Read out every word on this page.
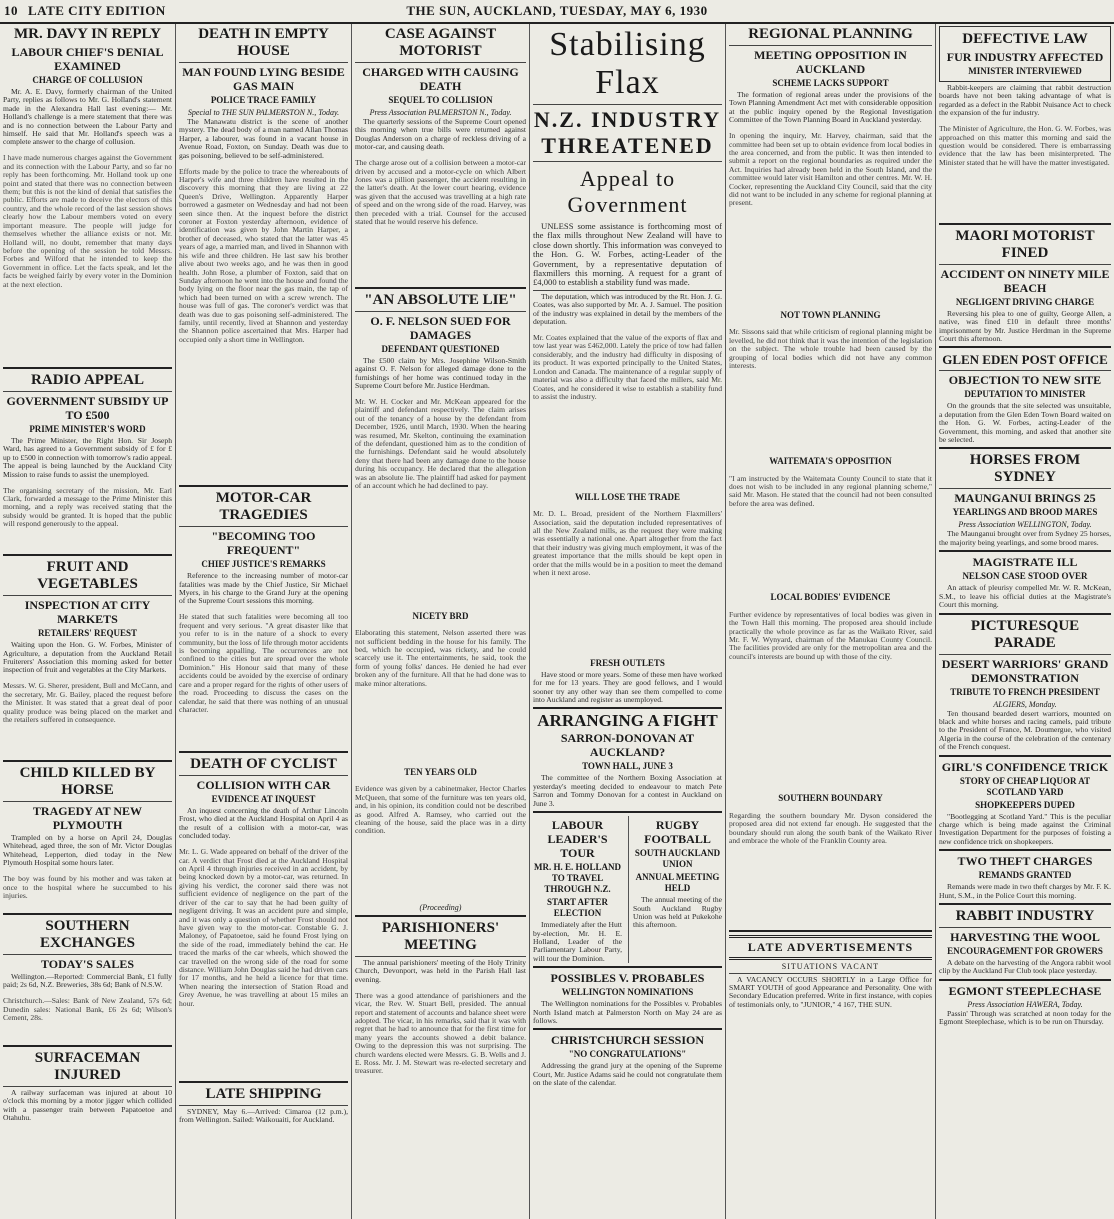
10 LATE CITY EDITION	THE SUN, AUCKLAND, TUESDAY, MAY 6, 1930
MR. DAVY IN REPLY
LABOUR CHIEF'S DENIAL EXAMINED
CHARGE OF COLLUSION

Mr. A. E. Davy, formerly chairman of the United Party, replies as follows to Mr. G. Holland's statement made in the Alexandra Hall last evening:— Mr. Holland's challenge is a mere statement that there was and is no connection between the Labour Party and himself. He said that Mr. Holland's speech was a complete answer to the charge of collusion.

I have made numerous charges against the Government and its connection with the Labour Party, and so far no reply has been forthcoming. Mr. Holland took up one point and stated that there was no connection between them; but this is not the kind of denial that satisfies the public. Efforts are made to deceive the electors of this country, and the whole record of the last session shows clearly how the Labour members voted on every important measure. The people will judge for themselves whether the alliance exists or not. Mr. Holland will, no doubt, remember that many days before the opening of the session he told Messrs. Forbes and Wilford that he intended to keep the Government in office. Let the facts speak, and let the facts be weighed fairly by every voter in the Dominion at the next election.

RADIO APPEAL
GOVERNMENT SUBSIDY UP TO £500
PRIME MINISTER'S WORD

The Prime Minister, the Right Hon. Sir Joseph Ward, has agreed to a Government subsidy of £ for £ up to £500 in connection with tomorrow's radio appeal. The appeal is being launched by the Auckland City Mission to raise funds to assist the unemployed.

The organising secretary of the mission, Mr. Earl Clark, forwarded a message to the Prime Minister this morning, and a reply was received stating that the subsidy would be granted. It is hoped that the public will respond generously to the appeal.

FRUIT AND VEGETABLES
INSPECTION AT CITY MARKETS
RETAILERS' REQUEST

Waiting upon the Hon. G. W. Forbes, Minister of Agriculture, a deputation from the Auckland Retail Fruiterers' Association this morning asked for better inspection of fruit and vegetables at the City Markets.

Messrs. W. G. Sherer, president, Bull and McCann, and the secretary, Mr. G. Bailey, placed the request before the Minister. It was stated that a great deal of poor quality produce was being placed on the market and the retailers suffered in consequence.

CHILD KILLED BY HORSE
TRAGEDY AT NEW PLYMOUTH

Trampled on by a horse on April 24, Douglas Whitehead, aged three, the son of Mr. Victor Douglas Whitehead, Lepperton, died today in the New Plymouth Hospital some hours later.

The boy was found by his mother and was taken at once to the hospital where he succumbed to his injuries.

SOUTHERN EXCHANGES
TODAY'S SALES

Wellington.—Reported: Commercial Bank, £1 fully paid; 2s 6d, N.Z. Breweries, 38s 6d; Bank of N.S.W.

Christchurch.—Sales: Bank of New Zealand, 57s 6d; Dunedin sales: National Bank, £6 2s 6d; Wilson's Cement, 28s.

SURFACEMAN INJURED

A railway surfaceman was injured at about 10 o'clock this morning by a motor jigger which collided with a passenger train between Papatoetoe and Otahuhu.

DEATH IN EMPTY HOUSE
MAN FOUND LYING BESIDE GAS MAIN
POLICE TRACE FAMILY
Special to THE SUN PALMERSTON N., Today.

The Manawatu district is the scene of another mystery. The dead body of a man named Allan Thomas Harper, a labourer, was found in a vacant house in Avenue Road, Foxton, on Sunday. Death was due to gas poisoning, believed to be self-administered.

Efforts made by the police to trace the whereabouts of Harper's wife and three children have resulted in the discovery this morning that they are living at 22 Queen's Drive, Wellington. Apparently Harper borrowed a gasmeter on Wednesday and had not been seen since then. At the inquest before the district coroner at Foxton yesterday afternoon, evidence of identification was given by John Martin Harper, a brother of deceased, who stated that the latter was 45 years of age, a married man, and lived in Shannon with his wife and three children. He last saw his brother alive about two weeks ago, and he was then in good health. John Rose, a plumber of Foxton, said that on Sunday afternoon he went into the house and found the body lying on the floor near the gas main, the tap of which had been turned on with a screw wrench. The house was full of gas. The coroner's verdict was that death was due to gas poisoning self-administered. The family, until recently, lived at Shannon and yesterday the Shannon police ascertained that Mrs. Harper had occupied only a short time in Wellington.

MOTOR-CAR TRAGEDIES
"BECOMING TOO FREQUENT"
CHIEF JUSTICE'S REMARKS

Reference to the increasing number of motor-car fatalities was made by the Chief Justice, Sir Michael Myers, in his charge to the Grand Jury at the opening of the Supreme Court sessions this morning.

He stated that such fatalities were becoming all too frequent and very serious. "A great disaster like that you refer to is in the nature of a shock to every community, but the loss of life through motor accidents is becoming appalling. The occurrences are not confined to the cities but are spread over the whole Dominion." His Honour said that many of these accidents could be avoided by the exercise of ordinary care and a proper regard for the rights of other users of the road. Proceeding to discuss the cases on the calendar, he said that there was nothing of an unusual character.

DEATH OF CYCLIST
COLLISION WITH CAR
EVIDENCE AT INQUEST

An inquest concerning the death of Arthur Lincoln Frost, who died at the Auckland Hospital on April 4 as the result of a collision with a motor-car, was concluded today.

Mr. L. G. Wade appeared on behalf of the driver of the car. A verdict that Frost died at the Auckland Hospital on April 4 through injuries received in an accident, by being knocked down by a motor-car, was returned. In giving his verdict, the coroner said there was not sufficient evidence of negligence on the part of the driver of the car to say that he had been guilty of negligent driving. It was an accident pure and simple, and it was only a question of whether Frost should not have given way to the motor-car. Constable G. J. Maloney, of Papatoetoe, said he found Frost lying on the side of the road, immediately behind the car. He traced the marks of the car wheels, which showed the car travelled on the wrong side of the road for some distance. William John Douglas said he had driven cars for 17 months, and he held a licence for that time. When nearing the intersection of Station Road and Grey Avenue, he was travelling at about 15 miles an hour.

LATE SHIPPING

SYDNEY, May 6.—Arrived: Cimaroa (12 p.m.), from Wellington. Sailed: Waikouaiti, for Auckland.

CASE AGAINST MOTORIST
CHARGED WITH CAUSING DEATH
SEQUEL TO COLLISION
Press Association PALMERSTON N., Today.

The quarterly sessions of the Supreme Court opened this morning when true bills were returned against Douglas Anderson on a charge of reckless driving of a motor-car, and causing death.

The charge arose out of a collision between a motor-car driven by accused and a motor-cycle on which Albert Jones was a pillion passenger, the accident resulting in the latter's death. At the lower court hearing, evidence was given that the accused was travelling at a high rate of speed and on the wrong side of the road. Harvey, was then preceded with a trial. Counsel for the accused stated that he would reserve his defence.

"AN ABSOLUTE LIE"
O. F. NELSON SUED FOR DAMAGES
DEFENDANT QUESTIONED

The £500 claim by Mrs. Josephine Wilson-Smith against O. F. Nelson for alleged damage done to the furnishings of her home was continued today in the Supreme Court before Mr. Justice Herdman.

Mr. W. H. Cocker and Mr. McKean appeared for the plaintiff and defendant respectively. The claim arises out of the tenancy of a house by the defendant from December, 1926, until March, 1930. When the hearing was resumed, Mr. Skelton, continuing the examination of the defendant, questioned him as to the condition of the furnishings. Defendant said he would absolutely deny that there had been any damage done to the house during his occupancy. He declared that the allegation was an absolute lie. The plaintiff had asked for payment of an account which he had declined to pay.

NICETY BRD

Elaborating this statement, Nelson asserted there was not sufficient bedding in the house for his family. The bed, which he occupied, was rickety, and he could scarcely use it. The entertainments, he said, took the form of young folks' dances. He denied he had ever broken any of the furniture. All that he had done was to make minor alterations.

TEN YEARS OLD

Evidence was given by a cabinetmaker, Hector Charles McQueen, that some of the furniture was ten years old, and, in his opinion, its condition could not be described as good. Alfred A. Ramsey, who carried out the cleaning of the house, said the place was in a dirty condition.

(Proceeding)
PARISHIONERS' MEETING

The annual parishioners' meeting of the Holy Trinity Church, Devonport, was held in the Parish Hall last evening.

There was a good attendance of parishioners and the vicar, the Rev. W. Stuart Bell, presided. The annual report and statement of accounts and balance sheet were adopted. The vicar, in his remarks, said that it was with regret that he had to announce that for the first time for many years the accounts showed a debit balance. Owing to the depression this was not surprising. The church wardens elected were Messrs. G. B. Wells and J. E. Ross. Mr. J. M. Stewart was re-elected secretary and treasurer.

Stabilising Flax
N.Z. INDUSTRY THREATENED
Appeal to Government

UNLESS some assistance is forthcoming most of the flax mills throughout New Zealand will have to close down shortly. This information was conveyed to the Hon. G. W. Forbes, acting-Leader of the Government, by a representative deputation of flaxmillers this morning. A request for a grant of £4,000 to establish a stability fund was made.

The deputation, which was introduced by the Rt. Hon. J. G. Coates, was also supported by Mr. A. J. Samuel. The position of the industry was explained in detail by the members of the deputation.

Mr. Coates explained that the value of the exports of flax and tow last year was £462,000. Lately the price of tow had fallen considerably, and the industry had difficulty in disposing of its product. It was exported principally to the United States, London and Canada. The maintenance of a regular supply of material was also a difficulty that faced the millers, said Mr. Coates, and he considered it wise to establish a stability fund to assist the industry.

WILL LOSE THE TRADE

Mr. D. L. Broad, president of the Northern Flaxmillers' Association, said the deputation included representatives of all the New Zealand mills, as the request they were making was essentially a national one. Apart altogether from the fact that their industry was giving much employment, it was of the greatest importance that the mills should be kept open in order that the mills would be in a position to meet the demand when it next arose.

FRESH OUTLETS

Have stood or more years. Some of these men have worked for me for 13 years. They are good fellows, and I would sooner try any other way than see them compelled to come into Auckland and register as unemployed.

ARRANGING A FIGHT
SARRON-DONOVAN AT AUCKLAND?
TOWN HALL, JUNE 3

The committee of the Northern Boxing Association at yesterday's meeting decided to endeavour to match Pete Sarron and Tommy Donovan for a contest in Auckland on June 3.

LABOUR LEADER'S TOUR
MR. H. E. HOLLAND TO TRAVEL THROUGH N.Z.
START AFTER ELECTION

Immediately after the Hutt by-election, Mr. H. E. Holland, Leader of the Parliamentary Labour Party, will tour the Dominion.

RUGBY FOOTBALL
SOUTH AUCKLAND UNION
ANNUAL MEETING HELD

The annual meeting of the South Auckland Rugby Union was held at Pukekohe this afternoon.

POSSIBLES V. PROBABLES
WELLINGTON NOMINATIONS

The Wellington nominations for the Possibles v. Probables North Island match at Palmerston North on May 24 are as follows.

CHRISTCHURCH SESSION
"NO CONGRATULATIONS"

Addressing the grand jury at the opening of the Supreme Court, Mr. Justice Adams said he could not congratulate them on the slate of the calendar.

REGIONAL PLANNING
MEETING OPPOSITION IN AUCKLAND
SCHEME LACKS SUPPORT

The formation of regional areas under the provisions of the Town Planning Amendment Act met with considerable opposition at the public inquiry opened by the Regional Investigation Committee of the Town Planning Board in Auckland yesterday.

In opening the inquiry, Mr. Harvey, chairman, said that the committee had been set up to obtain evidence from local bodies in the area concerned, and from the public. It was then intended to submit a report on the regional boundaries as required under the Act. Inquiries had already been held in the South Island, and the committee would later visit Hamilton and other centres. Mr. W. H. Cocker, representing the Auckland City Council, said that the city did not want to be included in any scheme for regional planning at present.

NOT TOWN PLANNING

Mr. Sissons said that while criticism of regional planning might be levelled, he did not think that it was the intention of the legislation on the subject. The whole trouble had been caused by the grouping of local bodies which did not have any common interests.

WAITEMATA'S OPPOSITION

"I am instructed by the Waitemata County Council to state that it does not wish to be included in any regional planning scheme," said Mr. Mason. He stated that the council had not been consulted before the area was defined.

LOCAL BODIES' EVIDENCE

Further evidence by representatives of local bodies was given in the Town Hall this morning. The proposed area should include practically the whole province as far as the Waikato River, said Mr. F. W. Wynyard, chairman of the Manukau County Council. The facilities provided are only for the metropolitan area and the council's interests are bound up with those of the city.

SOUTHERN BOUNDARY

Regarding the southern boundary Mr. Dyson considered the proposed area did not extend far enough. He suggested that the boundary should run along the south bank of the Waikato River and embrace the whole of the Franklin County area.

LATE ADVERTISEMENTS
SITUATIONS VACANT

A VACANCY OCCURS SHORTLY in a Large Office for SMART YOUTH of good Appearance and Personality. One with Secondary Education preferred. Write in first instance, with copies of testimonials only, to "JUNIOR," 4 167, THE SUN.

DEFECTIVE LAW
FUR INDUSTRY AFFECTED
MINISTER INTERVIEWED

Rabbit-keepers are claiming that rabbit destruction boards have not been taking advantage of what is regarded as a defect in the Rabbit Nuisance Act to check the expansion of the fur industry.

The Minister of Agriculture, the Hon. G. W. Forbes, was approached on this matter this morning and said the question would be considered. There is embarrassing evidence that the law has been misinterpreted. The Minister stated that he will have the matter investigated.

MAORI MOTORIST FINED
ACCIDENT ON NINETY MILE BEACH
NEGLIGENT DRIVING CHARGE

Reversing his plea to one of guilty, George Allen, a native, was fined £10 in default three months' imprisonment by Mr. Justice Herdman in the Supreme Court this afternoon.

GLEN EDEN POST OFFICE
OBJECTION TO NEW SITE
DEPUTATION TO MINISTER

On the grounds that the site selected was unsuitable, a deputation from the Glen Eden Town Board waited on the Hon. G. W. Forbes, acting-Leader of the Government, this morning, and asked that another site be selected.

HORSES FROM SYDNEY
MAUNGANUI BRINGS 25
YEARLINGS AND BROOD MARES
Press Association WELLINGTON, Today.

The Maunganui brought over from Sydney 25 horses, the majority being yearlings, and some brood mares.

MAGISTRATE ILL
NELSON CASE STOOD OVER

An attack of pleurisy compelled Mr. W. R. McKean, S.M., to leave his official duties at the Magistrate's Court this morning.

PICTURESQUE PARADE
DESERT WARRIORS' GRAND DEMONSTRATION
TRIBUTE TO FRENCH PRESIDENT
ALGIERS, Monday.

Ten thousand bearded desert warriors, mounted on black and white horses and racing camels, paid tribute to the President of France, M. Doumergue, who visited Algeria in the course of the celebration of the centenary of the French conquest.

GIRL'S CONFIDENCE TRICK
STORY OF CHEAP LIQUOR AT SCOTLAND YARD
SHOPKEEPERS DUPED

"Bootlegging at Scotland Yard." This is the peculiar charge which is being made against the Criminal Investigation Department for the purposes of foisting a new confidence trick on shopkeepers.

TWO THEFT CHARGES
REMANDS GRANTED

Remands were made in two theft charges by Mr. F. K. Hunt, S.M., in the Police Court this morning.

RABBIT INDUSTRY
HARVESTING THE WOOL
ENCOURAGEMENT FOR GROWERS

A debate on the harvesting of the Angora rabbit wool clip by the Auckland Fur Club took place yesterday.

EGMONT STEEPLECHASE
Press Association HAWERA, Today.

Passin' Through was scratched at noon today for the Egmont Steeplechase, which is to be run on Thursday.
